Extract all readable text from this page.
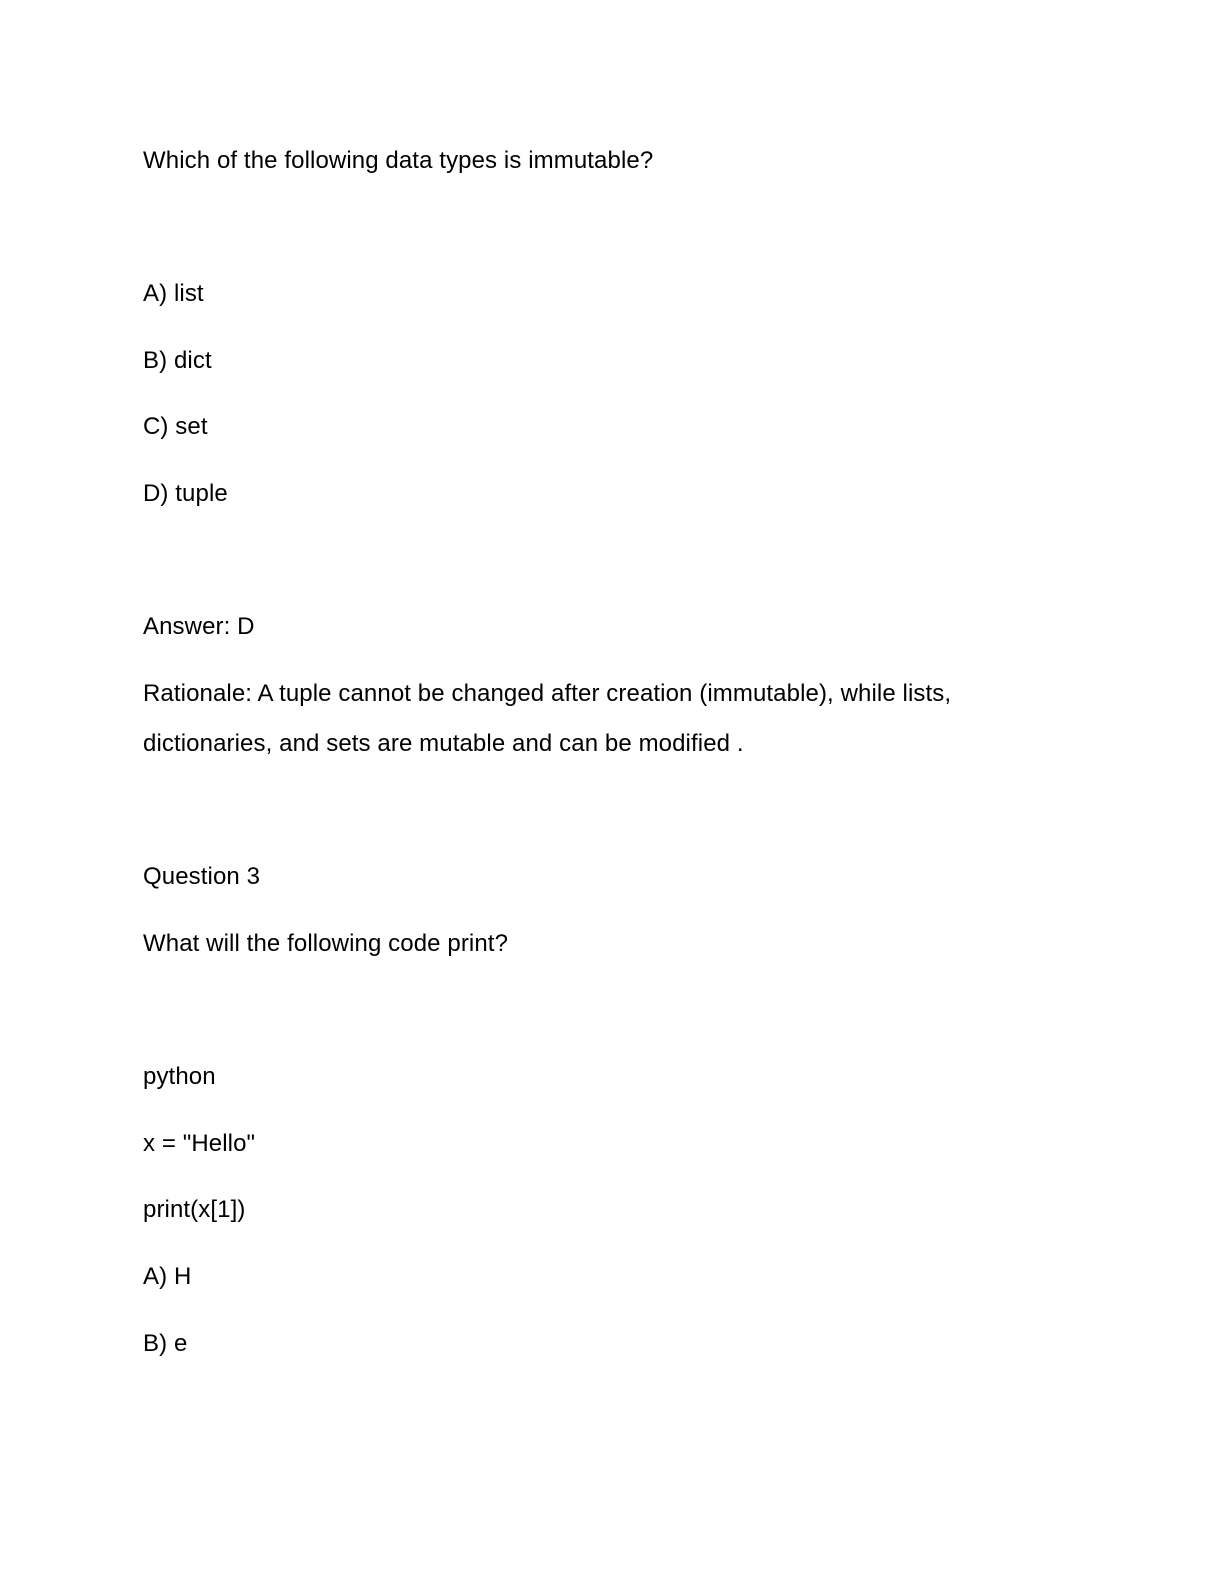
Which of the following data types is immutable?
A) list
B) dict
C) set
D) tuple
Answer: D
Rationale: A tuple cannot be changed after creation (immutable), while lists,
dictionaries, and sets are mutable and can be modified .
Question 3
What will the following code print?
python
x = "Hello"
print(x[1])
A) H
B) e
